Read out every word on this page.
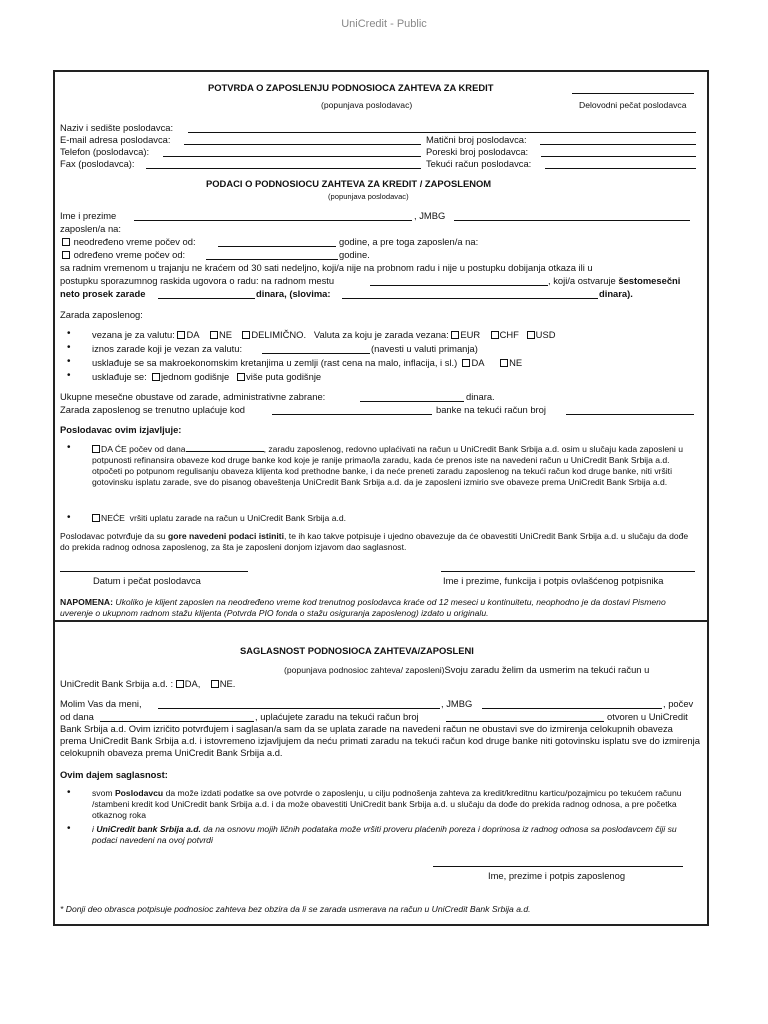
UniCredit - Public
POTVRDA O ZAPOSLENJU PODNOSIOCA ZAHTEVA ZA KREDIT
(popunjava poslodavac)	Delovodni pečat poslodavca
Naziv i sedište poslodavca:
E-mail adresa poslodavca:	Matični broj poslodavca:
Telefon (poslodavca):	Poreski broj poslodavca:
Fax (poslodavca):	Tekući račun poslodavca:
PODACI O PODNOSIOCU ZAHTEVA ZA KREDIT / ZAPOSLENOM
(popunjava poslodavac)
Ime i prezime	, JMBG
zaposlen/a na:
neodređeno vreme počev od:	godine, a pre toga zaposlen/a na:
određeno vreme počev od:	godine.
sa radnim vremenom u trajanju ne kraćem od 30 sati nedeljno, koji/a nije na probnom radu i nije u postupku dobijanja otkaza ili u
postupku sporazumnog raskida ugovora o radu: na radnom mestu	, koji/a ostvaruje šestomesečni
neto prosek zarade	dinara, (slovima:	dinara).
Zarada zaposlenog:
• vezana je za valutu: DA NE DELIMIČNO. Valuta za koju je zarada vezana: EUR CHF USD
• iznos zarade koji je vezan za valutu:	(navesti u valuti primanja)
• usklađuje se sa makroekonomskim kretanjima u zemlji (rast cena na malo, inflacija, i sl.) DA	NE
• usklađuje se: jednom godišnje više puta godišnje
Ukupne mesečne obustave od zarade, administrativne zabrane:	dinara.
Zarada zaposlenog se trenutno uplaćuje kod	banke na tekući račun broj
Poslodavac ovim izjavljuje:
•	DA ĆE počev od dana	, zaradu zaposlenog, redovno uplaćivati na račun u UniCredit Bank Srbija a.d. osim u slučaju kada zaposleni u potpunosti refinansira obaveze kod druge banke kod koje je ranije primao/la zaradu, kada će prenos iste na navedeni račun u UniCredit Bank Srbija a.d. otpočeti po potpunom regulisanju obaveza klijenta kod prethodne banke, i da neće preneti zaradu zaposlenog na tekući račun kod druge banke, niti vršiti gotovinsku isplatu zarade, sve do pisanog obaveštenja UniCredit Bank Srbija a.d. da je zaposleni izmirio sve obaveze prema UniCredit Bank Srbija a.d.
•	NEĆE vršiti uplatu zarade na račun u UniCredit Bank Srbija a.d.
Poslodavac potvrđuje da su gore navedeni podaci istiniti, te ih kao takve potpisuje i ujedno obavezuje da će obavestiti UniCredit Bank Srbija a.d. u slučaju da dođe do prekida radnog odnosa zaposlenog, za šta je zaposleni donjom izjavom dao saglasnost.
Datum i pečat poslodavca	Ime i prezime, funkcija i potpis ovlašćenog potpisnika
NAPOMENA: Ukoliko je klijent zaposlen na neodređeno vreme kod trenutnog poslodavca kraće od 12 meseci u kontinuitetu, neophodno je da dostavi Pismeno uverenje o ukupnom radnom stažu klijenta (Potvrda PIO fonda o stažu osiguranja zaposlenog) izdato u originalu.
SAGLASNOST PODNOSIOCA ZAHTEVA/ZAPOSLENI
(popunjava podnosioc zahteva/ zaposleni)Svoju zaradu želim da usmerim na tekući račun u
UniCredit Bank Srbija a.d. : DA, NE.
Molim Vas da meni,	, JMBG	, počev
od dana	, uplaćujete zaradu na tekući račun broj	otvoren u UniCredit
Bank Srbija a.d. Ovim izričito potvrđujem i saglasan/a sam da se uplata zarade na navedeni račun ne obustavi sve do izmirenja celokupnih obaveza prema UniCredit Bank Srbija a.d. i istovremeno izjavljujem da neću primati zaradu na tekući račun kod druge banke niti gotovinsku isplatu sve do izmirenja celokupnih obaveza prema UniCredit Bank Srbija a.d.
Ovim dajem saglasnost:
• svom Poslodavcu da može izdati podatke sa ove potvrde o zaposlenju, u cilju podnošenja zahteva za kredit/kreditnu karticu/pozajmicu po tekućem računu /stambeni kredit kod UniCredit bank Srbija a.d. i da može obavestiti UniCredit bank Srbija a.d. u slučaju da dođe do prekida radnog odnosa, a pre početka otkaznog roka
• i UniCredit bank Srbija a.d. da na osnovu mojih ličnih podataka može vršiti proveru plaćenih poreza i doprinosa iz radnog odnosa sa poslodavcem čiji su podaci navedeni na ovoj potvrdi
Ime, prezime i potpis zaposlenog
* Donji deo obrasca potpisuje podnosioc zahteva bez obzira da li se zarada usmerava na račun u UniCredit Bank Srbija a.d.
